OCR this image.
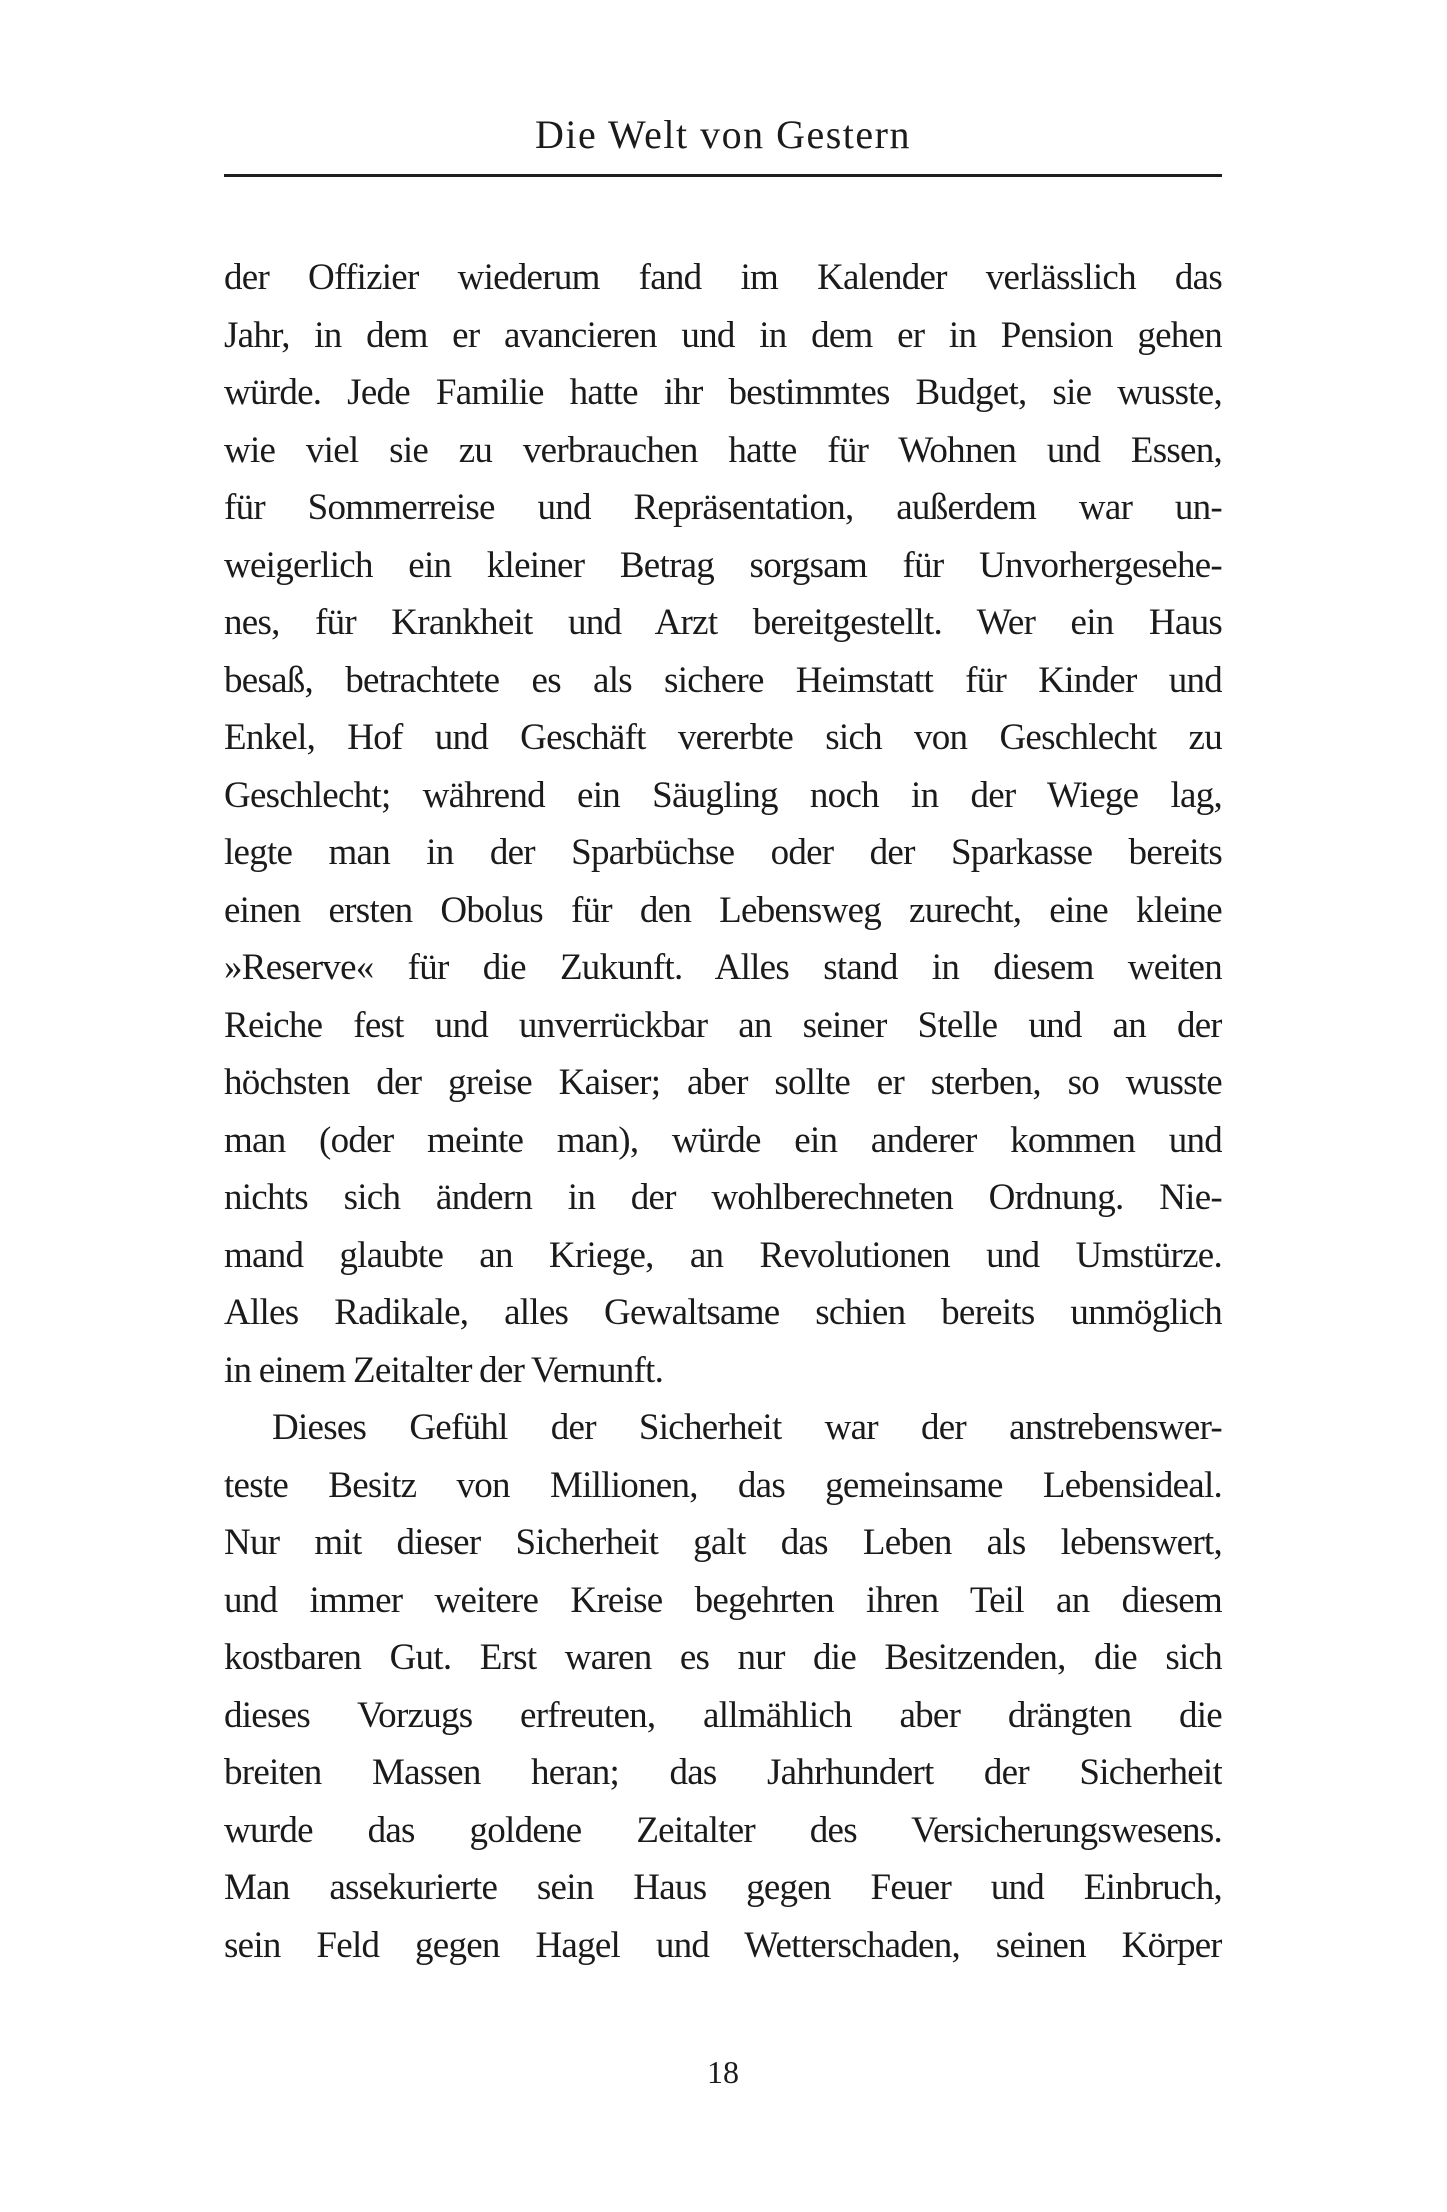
Die Welt von Gestern
der Offizier wiederum fand im Kalender verlässlich das
Jahr, in dem er avancieren und in dem er in Pension gehen
würde. Jede Familie hatte ihr bestimmtes Budget, sie wusste,
wie viel sie zu verbrauchen hatte für Wohnen und Essen,
für Sommerreise und Repräsentation, außerdem war un-
weigerlich ein kleiner Betrag sorgsam für Unvorhergesehe-
nes, für Krankheit und Arzt bereitgestellt. Wer ein Haus
besaß, betrachtete es als sichere Heimstatt für Kinder und
Enkel, Hof und Geschäft vererbte sich von Geschlecht zu
Geschlecht; während ein Säugling noch in der Wiege lag,
legte man in der Sparbüchse oder der Sparkasse bereits
einen ersten Obolus für den Lebensweg zurecht, eine kleine
»Reserve« für die Zukunft. Alles stand in diesem weiten
Reiche fest und unverrückbar an seiner Stelle und an der
höchsten der greise Kaiser; aber sollte er sterben, so wusste
man (oder meinte man), würde ein anderer kommen und
nichts sich ändern in der wohlberechneten Ordnung. Nie-
mand glaubte an Kriege, an Revolutionen und Umstürze.
Alles Radikale, alles Gewaltsame schien bereits unmöglich
in einem Zeitalter der Vernunft.
Dieses Gefühl der Sicherheit war der anstrebenswer-
teste Besitz von Millionen, das gemeinsame Lebensideal.
Nur mit dieser Sicherheit galt das Leben als lebenswert,
und immer weitere Kreise begehrten ihren Teil an diesem
kostbaren Gut. Erst waren es nur die Besitzenden, die sich
dieses Vorzugs erfreuten, allmählich aber drängten die
breiten Massen heran; das Jahrhundert der Sicherheit
wurde das goldene Zeitalter des Versicherungswesens.
Man assekurierte sein Haus gegen Feuer und Einbruch,
sein Feld gegen Hagel und Wetterschaden, seinen Körper
18
